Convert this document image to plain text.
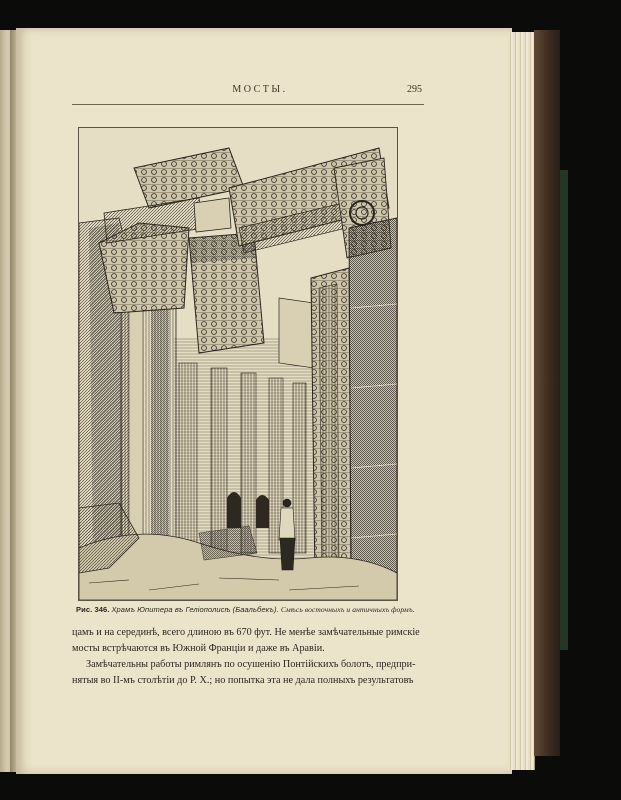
МОСТЫ.	295
Рис. 346. Храмъ Юпитера въ Геліополисѣ (Баальбекъ). Смѣсь восточныхъ и античныхъ формъ.
цамъ и на серединѣ, всего длиною въ 670 фут. Не менѣе замѣчательные римскіе
мосты встрѣчаются въ Южной Франціи и даже въ Аравіи.
Замѣчательны работы римлянъ по осушенію Понтійскихъ болотъ, предпри-
нятыя во II-мъ столѣтіи до Р. Х.; но попытка эта не дала полныхъ результатовъ
